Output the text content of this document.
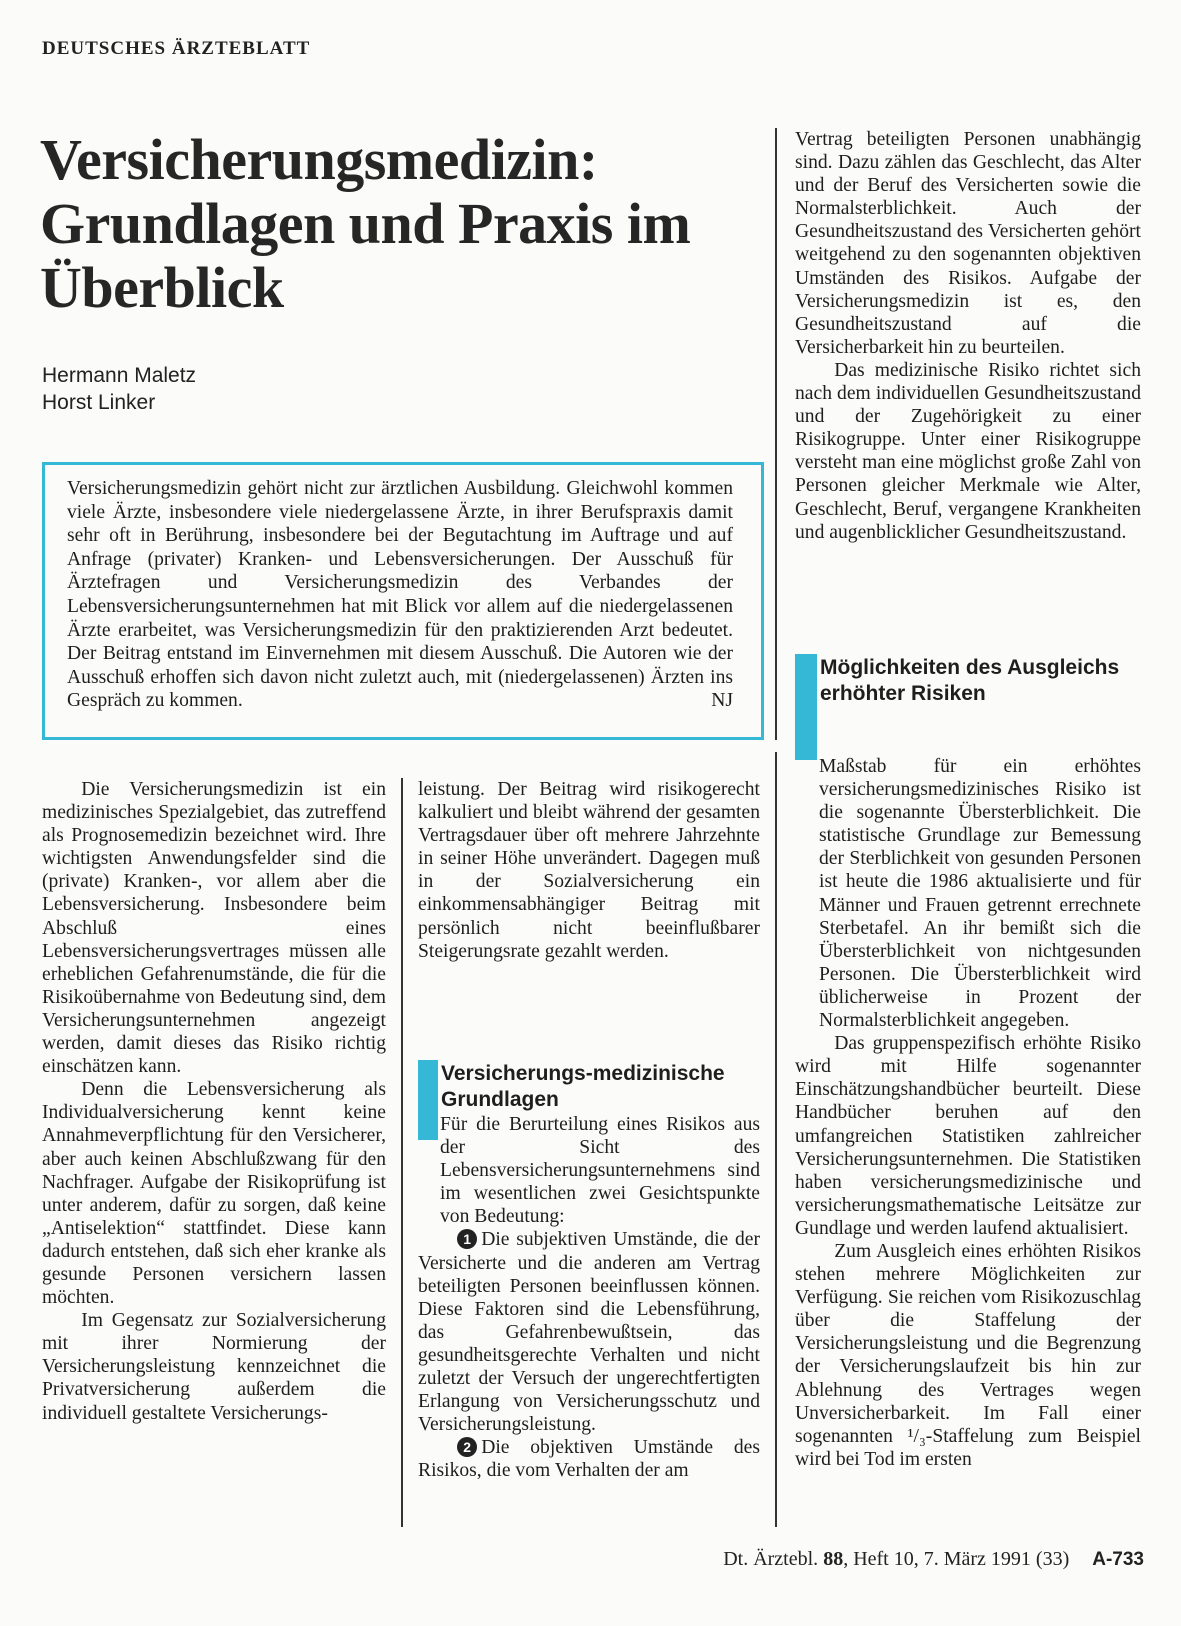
DEUTSCHES ÄRZTEBLATT
Versicherungsmedizin: Grundlagen und Praxis im Überblick
Hermann Maletz
Horst Linker
Versicherungsmedizin gehört nicht zur ärztlichen Ausbildung. Gleichwohl kommen viele Ärzte, insbesondere viele niedergelassene Ärzte, in ihrer Berufspraxis damit sehr oft in Berührung, insbesondere bei der Begutachtung im Auftrage und auf Anfrage (privater) Kranken- und Lebensversicherungen. Der Ausschuß für Ärztefragen und Versicherungsmedizin des Verbandes der Lebensversicherungsunternehmen hat mit Blick vor allem auf die niedergelassenen Ärzte erarbeitet, was Versicherungsmedizin für den praktizierenden Arzt bedeutet. Der Beitrag entstand im Einvernehmen mit diesem Ausschuß. Die Autoren wie der Ausschuß erhoffen sich davon nicht zuletzt auch, mit (niedergelassenen) Ärzten ins Gespräch zu kommen.	NJ

Die Versicherungsmedizin ist ein medizinisches Spezialgebiet, das zutreffend als Prognosemedizin bezeichnet wird. Ihre wichtigsten Anwendungsfelder sind die (private) Kranken-, vor allem aber die Lebensversicherung. Insbesondere beim Abschluß eines Lebensversicherungsvertrages müssen alle erheblichen Gefahrenumstände, die für die Risikoübernahme von Bedeutung sind, dem Versicherungsunternehmen angezeigt werden, damit dieses das Risiko richtig einschätzen kann.

Denn die Lebensversicherung als Individualversicherung kennt keine Annahmeverpflichtung für den Versicherer, aber auch keinen Abschlußzwang für den Nachfrager. Aufgabe der Risikoprüfung ist unter anderem, dafür zu sorgen, daß keine „Antiselektion“ stattfindet. Diese kann dadurch entstehen, daß sich eher kranke als gesunde Personen versichern lassen möchten.

Im Gegensatz zur Sozialversicherung mit ihrer Normierung der Versicherungsleistung kennzeichnet die Privatversicherung außerdem die individuell gestaltete Versicherungs-

leistung. Der Beitrag wird risikogerecht kalkuliert und bleibt während der gesamten Vertragsdauer über oft mehrere Jahrzehnte in seiner Höhe unverändert. Dagegen muß in der Sozialversicherung ein einkommensabhängiger Beitrag mit persönlich nicht beeinflußbarer Steigerungsrate gezahlt werden.

Versicherungs-medizinische Grundlagen

Für die Berurteilung eines Risikos aus der Sicht des Lebensversicherungsunternehmens sind im wesentlichen zwei Gesichtspunkte von Bedeutung:

1 Die subjektiven Umstände, die der Versicherte und die anderen am Vertrag beteiligten Personen beeinflussen können. Diese Faktoren sind die Lebensführung, das Gefahrenbewußtsein, das gesundheitsgerechte Verhalten und nicht zuletzt der Versuch der ungerechtfertigten Erlangung von Versicherungsschutz und Versicherungsleistung.

2 Die objektiven Umstände des Risikos, die vom Verhalten der am

Vertrag beteiligten Personen unabhängig sind. Dazu zählen das Geschlecht, das Alter und der Beruf des Versicherten sowie die Normalsterblichkeit. Auch der Gesundheitszustand des Versicherten gehört weitgehend zu den sogenannten objektiven Umständen des Risikos. Aufgabe der Versicherungsmedizin ist es, den Gesundheitszustand auf die Versicherbarkeit hin zu beurteilen.

Das medizinische Risiko richtet sich nach dem individuellen Gesundheitszustand und der Zugehörigkeit zu einer Risikogruppe. Unter einer Risikogruppe versteht man eine möglichst große Zahl von Personen gleicher Merkmale wie Alter, Geschlecht, Beruf, vergangene Krankheiten und augenblicklicher Gesundheitszustand.

Möglichkeiten des Ausgleichs erhöhter Risiken

Maßstab für ein erhöhtes versicherungsmedizinisches Risiko ist die sogenannte Übersterblichkeit. Die statistische Grundlage zur Bemessung der Sterblichkeit von gesunden Personen ist heute die 1986 aktualisierte und für Männer und Frauen getrennt errechnete Sterbetafel. An ihr bemißt sich die Übersterblichkeit von nichtgesunden Personen. Die Übersterblichkeit wird üblicherweise in Prozent der Normalsterblichkeit angegeben.

Das gruppenspezifisch erhöhte Risiko wird mit Hilfe sogenannter Einschätzungshandbücher beurteilt. Diese Handbücher beruhen auf den umfangreichen Statistiken zahlreicher Versicherungsunternehmen. Die Statistiken haben versicherungsmedizinische und versicherungsmathematische Leitsätze zur Gundlage und werden laufend aktualisiert.

Zum Ausgleich eines erhöhten Risikos stehen mehrere Möglichkeiten zur Verfügung. Sie reichen vom Risikozuschlag über die Staffelung der Versicherungsleistung und die Begrenzung der Versicherungslaufzeit bis hin zur Ablehnung des Vertrages wegen Unversicherbarkeit. Im Fall einer sogenannten ¹/₃-Staffelung zum Beispiel wird bei Tod im ersten

Dt. Ärztebl. 88, Heft 10, 7. März 1991 (33) A-733
